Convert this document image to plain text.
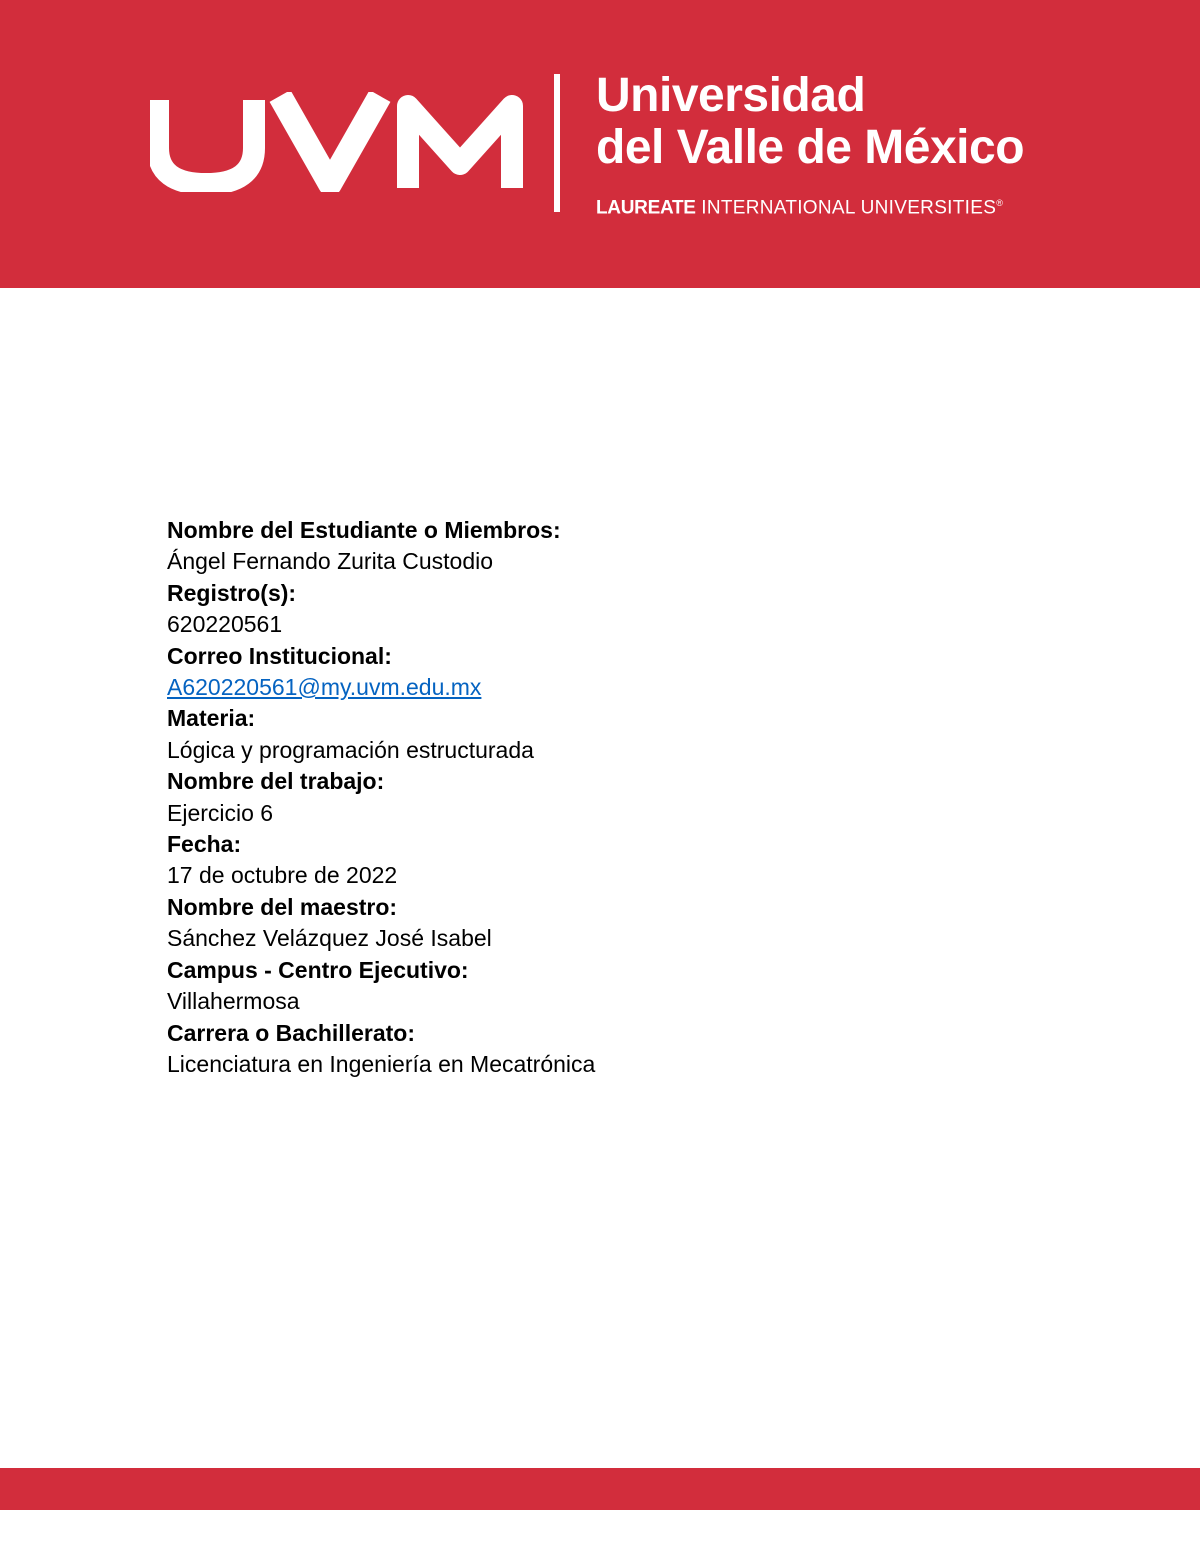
Universidad
del Valle de México
LAUREATE INTERNATIONAL UNIVERSITIES®
Nombre del Estudiante o Miembros:
Ángel Fernando Zurita Custodio
Registro(s):
620220561
Correo Institucional:
A620220561@my.uvm.edu.mx
Materia:
Lógica y programación estructurada
Nombre del trabajo:
Ejercicio 6
Fecha:
17 de octubre de 2022
Nombre del maestro:
Sánchez Velázquez José Isabel
Campus - Centro Ejecutivo:
Villahermosa
Carrera o Bachillerato:
Licenciatura en Ingeniería en Mecatrónica
